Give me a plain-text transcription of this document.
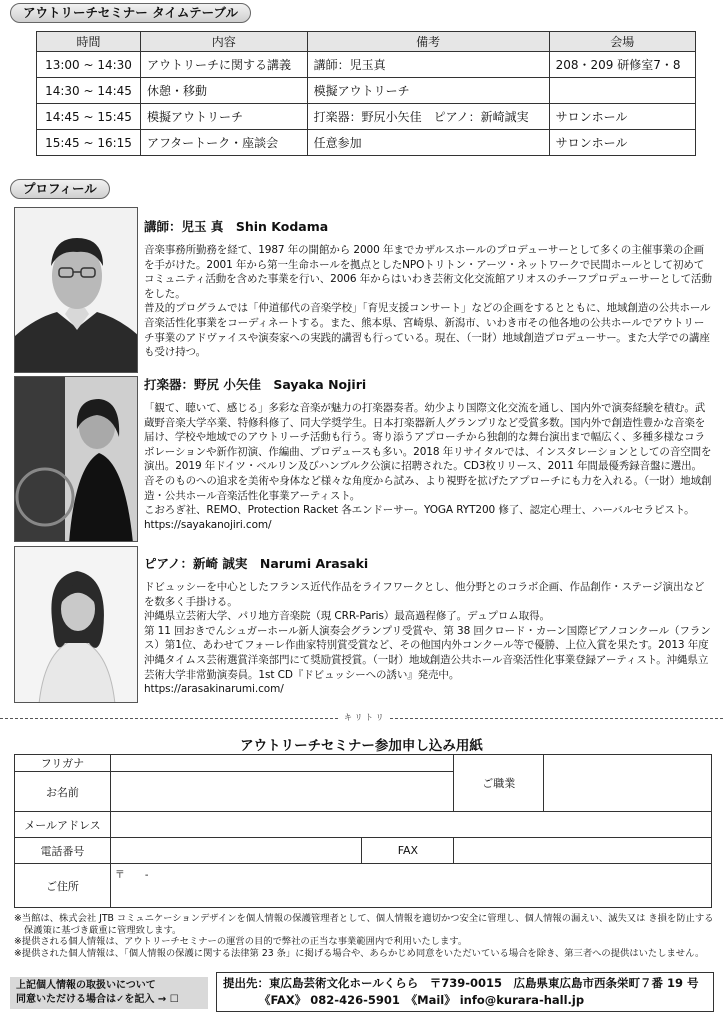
アウトリーチセミナー タイムテーブル
時間	内容	備考	会場
13:00 ~ 14:30	アウトリーチに関する講義	講師：児玉真	208・209 研修室7・8
14:30 ~ 14:45	休憩・移動	模擬アウトリーチ	
14:45 ~ 15:45	模擬アウトリーチ	打楽器：野尻小矢佳　ピアノ：新崎誠実	サロンホール
15:45 ~ 16:15	アフタートーク・座談会	任意参加	サロンホール
プロフィール
講師：児玉 真　Shin Kodama
音楽事務所勤務を経て、1987 年の開館から 2000 年までカザルスホールのプロデューサーとして多くの主催事業の企画を手がけた。2001 年から第一生命ホールを拠点としたNPOトリトン・アーツ・ネットワークで民間ホールとして初めてコミュニティ活動を含めた事業を行い、2006 年からはいわき芸術文化交流館アリオスのチーフプロデューサーとして活動をした。
普及的プログラムでは「仲道郁代の音楽学校」「育児支援コンサート」などの企画をするとともに、地域創造の公共ホール音楽活性化事業をコーディネートする。また、熊本県、宮崎県、新潟市、いわき市その他各地の公共ホールでアウトリーチ事業のアドヴァイスや演奏家への実践的講習も行っている。現在、（一財）地域創造プロデューサー。また大学での講座も受け持つ。
打楽器：野尻 小矢佳　Sayaka Nojiri
「観て、聴いて、感じる」多彩な音楽が魅力の打楽器奏者。幼少より国際文化交流を通し、国内外で演奏経験を積む。武蔵野音楽大学卒業、特修科修了、同大学奨学生。日本打楽器新人グランプリなど受賞多数。国内外で創造性豊かな音楽を届け、学校や地域でのアウトリーチ活動も行う。寄り添うアプローチから独創的な舞台演出まで幅広く、多種多様なコラボレーションや新作初演、作編曲、プロデュースも多い。2018 年リサイタルでは、インスタレーションとしての音空間を演出。2019 年ドイツ・ベルリン及びハンブルク公演に招聘された。CD3枚リリース、2011 年間最優秀録音盤に選出。音そのものへの追求を美術や身体など様々な角度から試み、より視野を拡げたアプローチにも力を入れる。（一財）地域創造・公共ホール音楽活性化事業アーティスト。
こおろぎ社、REMO、Protection Racket 各エンドーサー。YOGA RYT200 修了、認定心理士、ハーバルセラピスト。
https://sayakanojiri.com/
ピアノ：新崎 誠実　Narumi Arasaki
ドビュッシーを中心としたフランス近代作品をライフワークとし、他分野とのコラボ企画、作品創作・ステージ演出などを数多く手掛ける。
沖縄県立芸術大学、パリ地方音楽院（現 CRR-Paris）最高過程修了。デュプロム取得。
第 11 回おきでんシュガーホール新人演奏会グランプリ受賞や、第 38 回クロード・カーン国際ピアノコンクール（フランス）第1位、あわせてフォーレ作曲家特別賞受賞など、その他国内外コンクール等で優勝、上位入賞を果たす。2013 年度沖縄タイムス芸術選賞洋楽部門にて奨励賞授賞。（一財）地域創造公共ホール音楽活性化事業登録アーティスト。沖縄県立芸術大学非常勤演奏員。1st CD『ドビュッシーへの誘い』発売中。
https://arasakinarumi.com/
キ リ ト リ
アウトリーチセミナー参加申し込み用紙
フリガナ			ご職業	
お名前				
メールアドレス				
電話番号		FAX		
ご住所	〒　　-			

※当館は、株式会社 JTB コミュニケーションデザインを個人情報の保護管理者として、個人情報を適切かつ安全に管理し、個人情報の漏えい、滅失又は き損を防止する保護策に基づき厳重に管理致します。

※提供される個人情報は、アウトリーチセミナーの運営の目的で弊社の正当な事業範囲内で利用いたします。

※提供された個人情報は、「個人情報の保護に関する法律第 23 条」に掲げる場合や、あらかじめ同意をいただいている場合を除き、第三者への提供はいたしません。

上記個人情報の取扱いについて
同意いただける場合は✓を記入 → ☐
提出先：東広島芸術文化ホールくらら　〒739-0015　広島県東広島市西条栄町７番 19 号
《FAX》 082-426-5901　《Mail》 info@kurara-hall.jp
